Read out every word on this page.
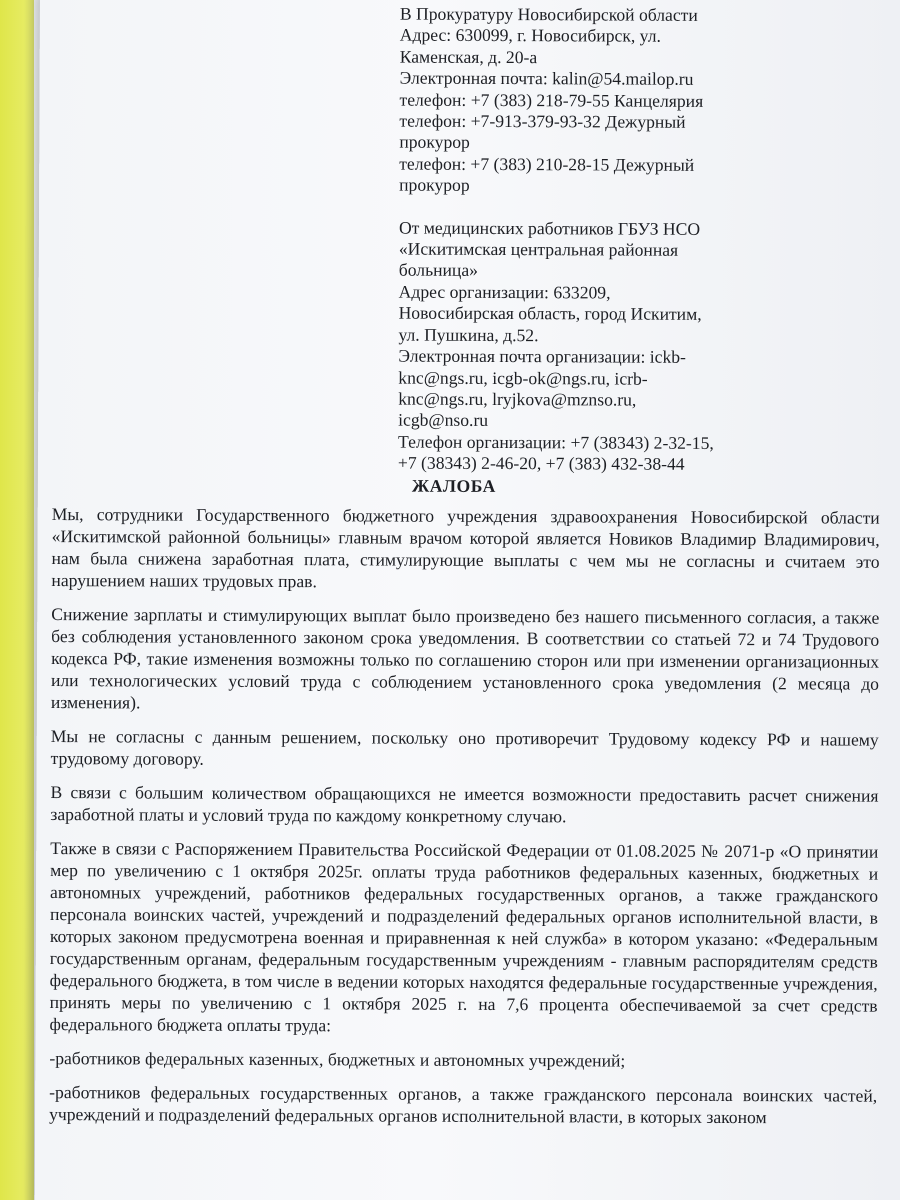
В Прокуратуру Новосибирской области
Адрес: 630099, г. Новосибирск, ул. Каменская, д. 20-а
Электронная почта: kalin@54.mailop.ru
телефон: +7 (383) 218-79-55 Канцелярия
телефон: +7-913-379-93-32 Дежурный прокурор
телефон: +7 (383) 210-28-15 Дежурный прокурор
От медицинских работников ГБУЗ НСО «Искитимская центральная районная больница»
Адрес организации: 633209, Новосибирская область, город Искитим, ул. Пушкина, д.52.
Электронная почта организации: ickb-knc@ngs.ru, icgb-ok@ngs.ru, icrb-knc@ngs.ru, lryjkova@mznso.ru, icgb@nso.ru
Телефон организации: +7 (38343) 2-32-15, +7 (38343) 2-46-20, +7 (383) 432-38-44
ЖАЛОБА

Мы, сотрудники Государственного бюджетного учреждения здравоохранения Новосибирской области «Искитимской районной больницы» главным врачом которой является Новиков Владимир Владимирович, нам была снижена заработная плата, стимулирующие выплаты с чем мы не согласны и считаем это нарушением наших трудовых прав.

Снижение зарплаты и стимулирующих выплат было произведено без нашего письменного согласия, а также без соблюдения установленного законом срока уведомления. В соответствии со статьей 72 и 74 Трудового кодекса РФ, такие изменения возможны только по соглашению сторон или при изменении организационных или технологических условий труда с соблюдением установленного срока уведомления (2 месяца до изменения).

Мы не согласны с данным решением, поскольку оно противоречит Трудовому кодексу РФ и нашему трудовому договору.

В связи с большим количеством обращающихся не имеется возможности предоставить расчет снижения заработной платы и условий труда по каждому конкретному случаю.

Также в связи с Распоряжением Правительства Российской Федерации от 01.08.2025 № 2071-р «О принятии мер по увеличению с 1 октября 2025г. оплаты труда работников федеральных казенных, бюджетных и автономных учреждений, работников федеральных государственных органов, а также гражданского персонала воинских частей, учреждений и подразделений федеральных органов исполнительной власти, в которых законом предусмотрена военная и приравненная к ней служба» в котором указано: «Федеральным государственным органам, федеральным государственным учреждениям - главным распорядителям средств федерального бюджета, в том числе в ведении которых находятся федеральные государственные учреждения, принять меры по увеличению с 1 октября 2025 г. на 7,6 процента обеспечиваемой за счет средств федерального бюджета оплаты труда:

-работников федеральных казенных, бюджетных и автономных учреждений;

-работников федеральных государственных органов, а также гражданского персонала воинских частей, учреждений и подразделений федеральных органов исполнительной власти, в которых законом
